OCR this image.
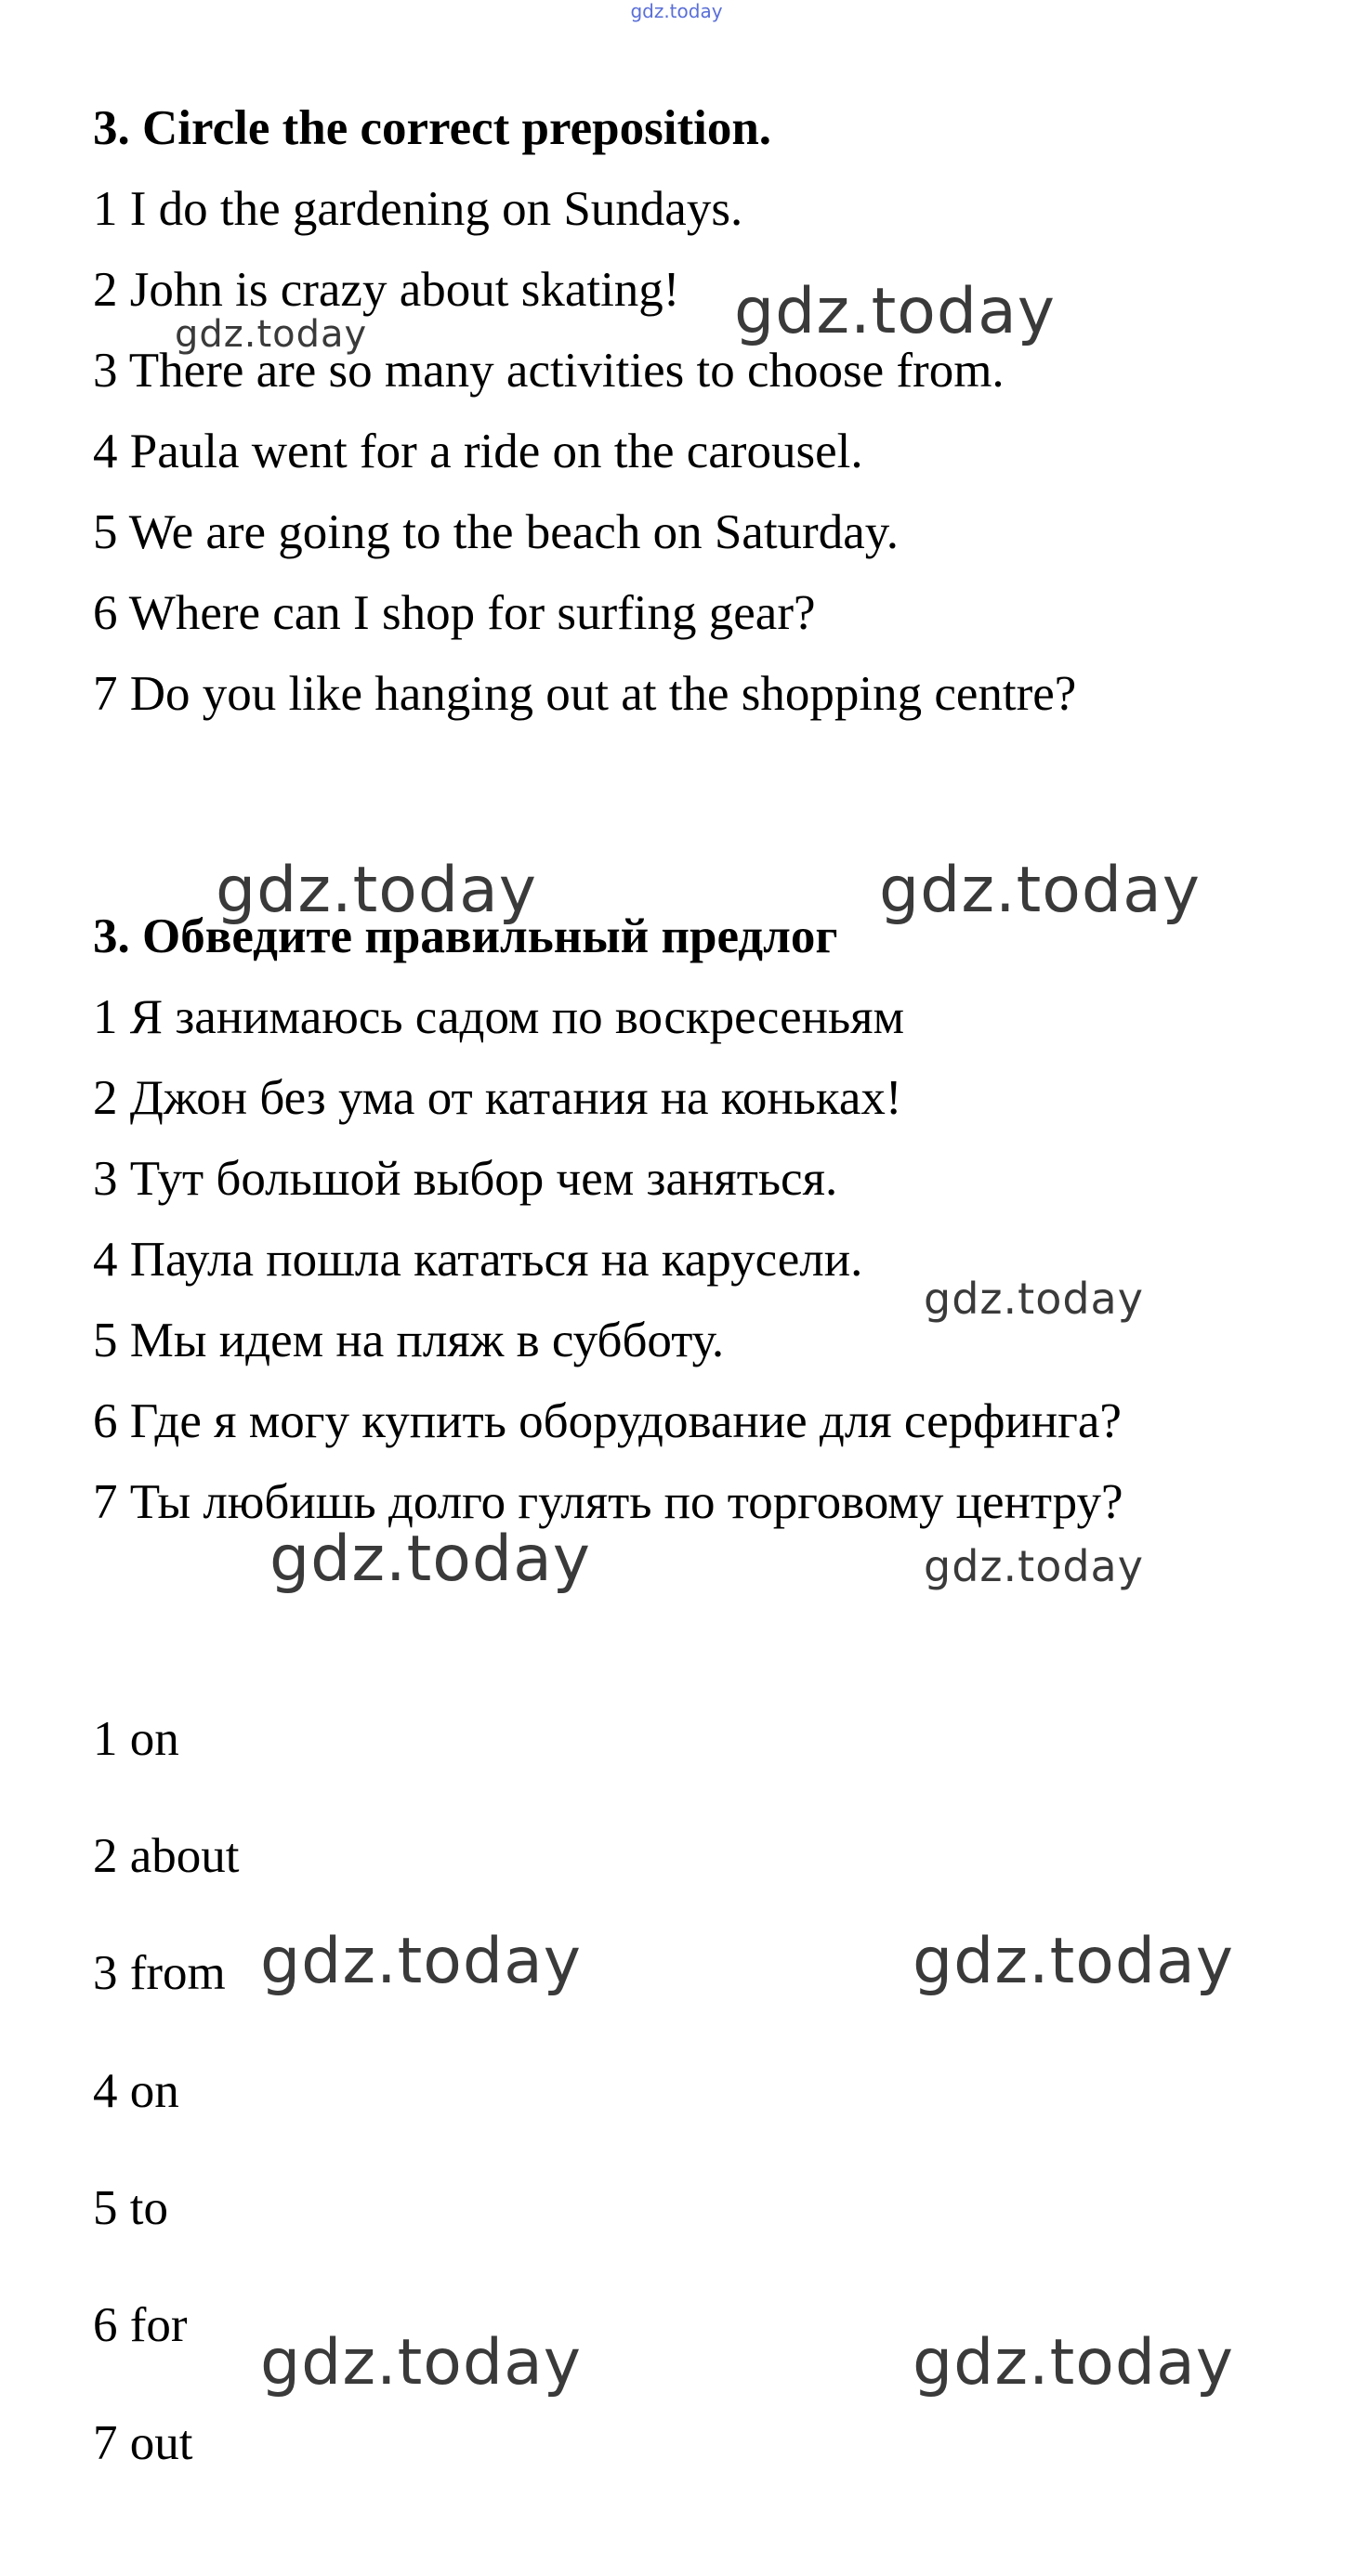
gdz.today
3. Circle the correct preposition.
1 I do the gardening on Sundays.
2 John is crazy about skating!
3 There are so many activities to choose from.
4 Paula went for a ride on the carousel.
5 We are going to the beach on Saturday.
6 Where can I shop for surfing gear?
7 Do you like hanging out at the shopping centre?
3. Обведите правильный предлог
1 Я занимаюсь садом по воскресеньям
2 Джон без ума от катания на коньках!
3 Тут большой выбор чем заняться.
4 Паула пошла кататься на карусели.
5 Мы идем на пляж в субботу.
6 Где я могу купить оборудование для серфинга?
7 Ты любишь долго гулять по торговому центру?
1 on
2 about
3 from
4 on
5 to
6 for
7 out
gdz.today
gdz.today
gdz.today	gdz.today
gdz.today
gdz.today	gdz.today
gdz.today	gdz.today
gdz.today	gdz.today
